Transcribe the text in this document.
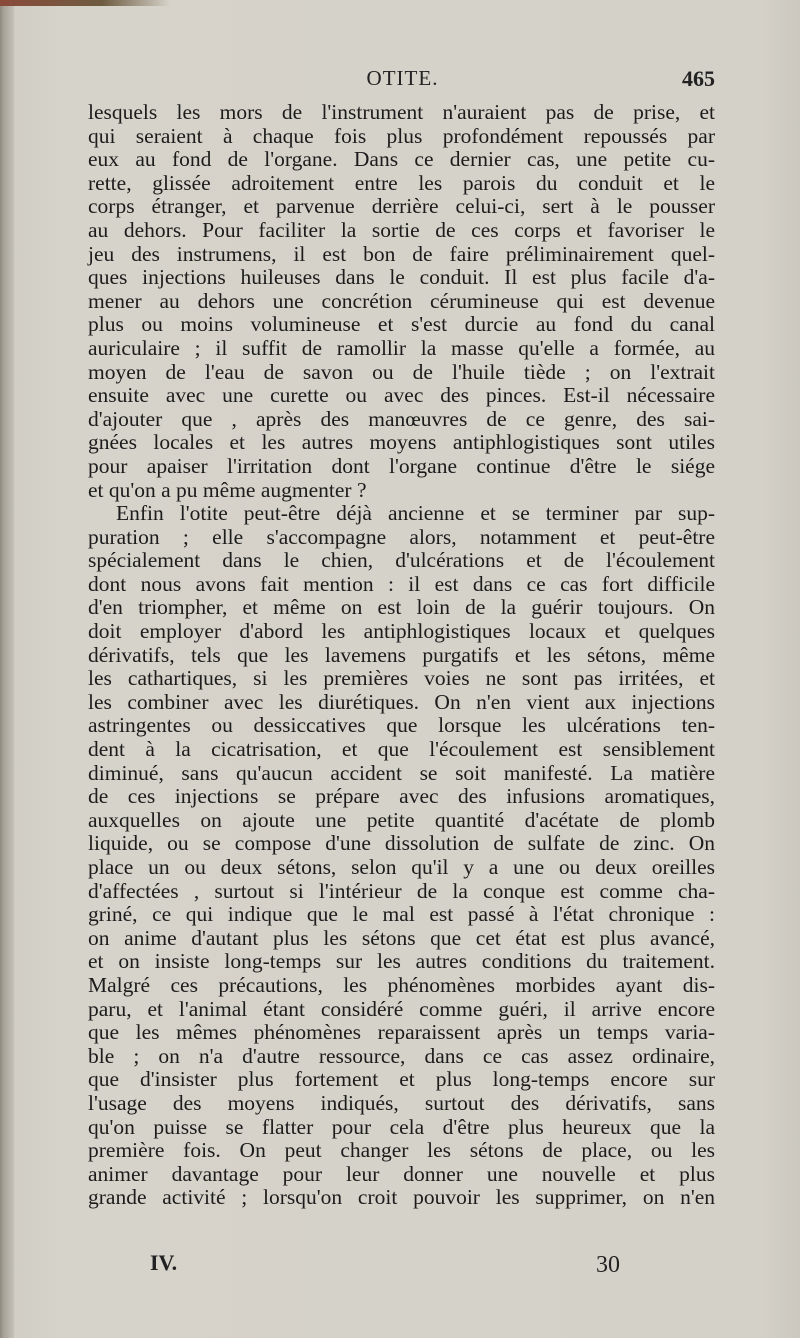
OTITE.	465
lesquels les mors de l'instrument n'auraient pas de prise, et
qui seraient à chaque fois plus profondément repoussés par
eux au fond de l'organe. Dans ce dernier cas, une petite cu-
rette, glissée adroitement entre les parois du conduit et le
corps étranger, et parvenue derrière celui-ci, sert à le pousser
au dehors. Pour faciliter la sortie de ces corps et favoriser le
jeu des instrumens, il est bon de faire préliminairement quel-
ques injections huileuses dans le conduit. Il est plus facile d'a-
mener au dehors une concrétion cérumineuse qui est devenue
plus ou moins volumineuse et s'est durcie au fond du canal
auriculaire ; il suffit de ramollir la masse qu'elle a formée, au
moyen de l'eau de savon ou de l'huile tiède ; on l'extrait
ensuite avec une curette ou avec des pinces. Est-il nécessaire
d'ajouter que , après des manœuvres de ce genre, des sai-
gnées locales et les autres moyens antiphlogistiques sont utiles
pour apaiser l'irritation dont l'organe continue d'être le siége
et qu'on a pu même augmenter ?
Enfin l'otite peut-être déjà ancienne et se terminer par sup-
puration ; elle s'accompagne alors, notamment et peut-être
spécialement dans le chien, d'ulcérations et de l'écoulement
dont nous avons fait mention : il est dans ce cas fort difficile
d'en triompher, et même on est loin de la guérir toujours. On
doit employer d'abord les antiphlogistiques locaux et quelques
dérivatifs, tels que les lavemens purgatifs et les sétons, même
les cathartiques, si les premières voies ne sont pas irritées, et
les combiner avec les diurétiques. On n'en vient aux injections
astringentes ou dessiccatives que lorsque les ulcérations ten-
dent à la cicatrisation, et que l'écoulement est sensiblement
diminué, sans qu'aucun accident se soit manifesté. La matière
de ces injections se prépare avec des infusions aromatiques,
auxquelles on ajoute une petite quantité d'acétate de plomb
liquide, ou se compose d'une dissolution de sulfate de zinc. On
place un ou deux sétons, selon qu'il y a une ou deux oreilles
d'affectées , surtout si l'intérieur de la conque est comme cha-
griné, ce qui indique que le mal est passé à l'état chronique :
on anime d'autant plus les sétons que cet état est plus avancé,
et on insiste long-temps sur les autres conditions du traitement.
Malgré ces précautions, les phénomènes morbides ayant dis-
paru, et l'animal étant considéré comme guéri, il arrive encore
que les mêmes phénomènes reparaissent après un temps varia-
ble ; on n'a d'autre ressource, dans ce cas assez ordinaire,
que d'insister plus fortement et plus long-temps encore sur
l'usage des moyens indiqués, surtout des dérivatifs, sans
qu'on puisse se flatter pour cela d'être plus heureux que la
première fois. On peut changer les sétons de place, ou les
animer davantage pour leur donner une nouvelle et plus
grande activité ; lorsqu'on croit pouvoir les supprimer, on n'en
IV.	30
